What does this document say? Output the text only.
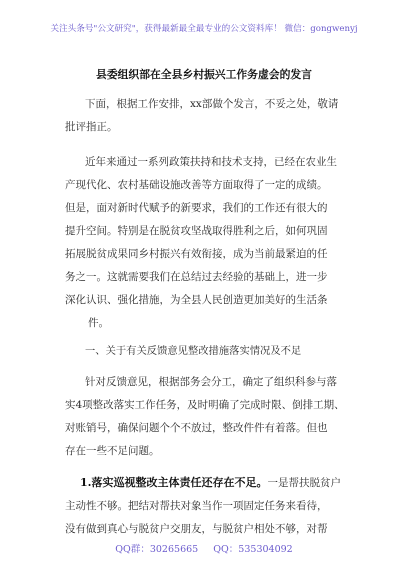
关注头条号"公文研究"，获得最新最全最专业的公文资料库！ 微信：gongwenyj
县委组织部在全县乡村振兴工作务虚会的发言
下面，根据工作安排，xx部做个发言，不妥之处，敬请
批评指正。
近年来通过一系列政策扶持和技术支持，已经在农业生
产现代化、农村基础设施改善等方面取得了一定的成绩。
但是，面对新时代赋予的新要求，我们的工作还有很大的
提升空间。特别是在脱贫攻坚战取得胜利之后，如何巩固
拓展脱贫成果同乡村振兴有效衔接，成为当前最紧迫的任
务之一。这就需要我们在总结过去经验的基础上，进一步
深化认识、强化措施，为全县人民创造更加美好的生活条
件。
一、关于有关反馈意见整改措施落实情况及不足
针对反馈意见，根据部务会分工，确定了组织科参与落
实4项整改落实工作任务，及时明确了完成时限、倒排工期、
对账销号，确保问题个个不放过，整改件件有着落。但也
存在一些不足问题。
1.落实巡视整改主体责任还存在不足。一是帮扶脱贫户
主动性不够。把结对帮扶对象当作一项固定任务来看待，
没有做到真心与脱贫户交朋友，与脱贫户相处不够，对帮
QQ群：30265665 QQ：535304092
